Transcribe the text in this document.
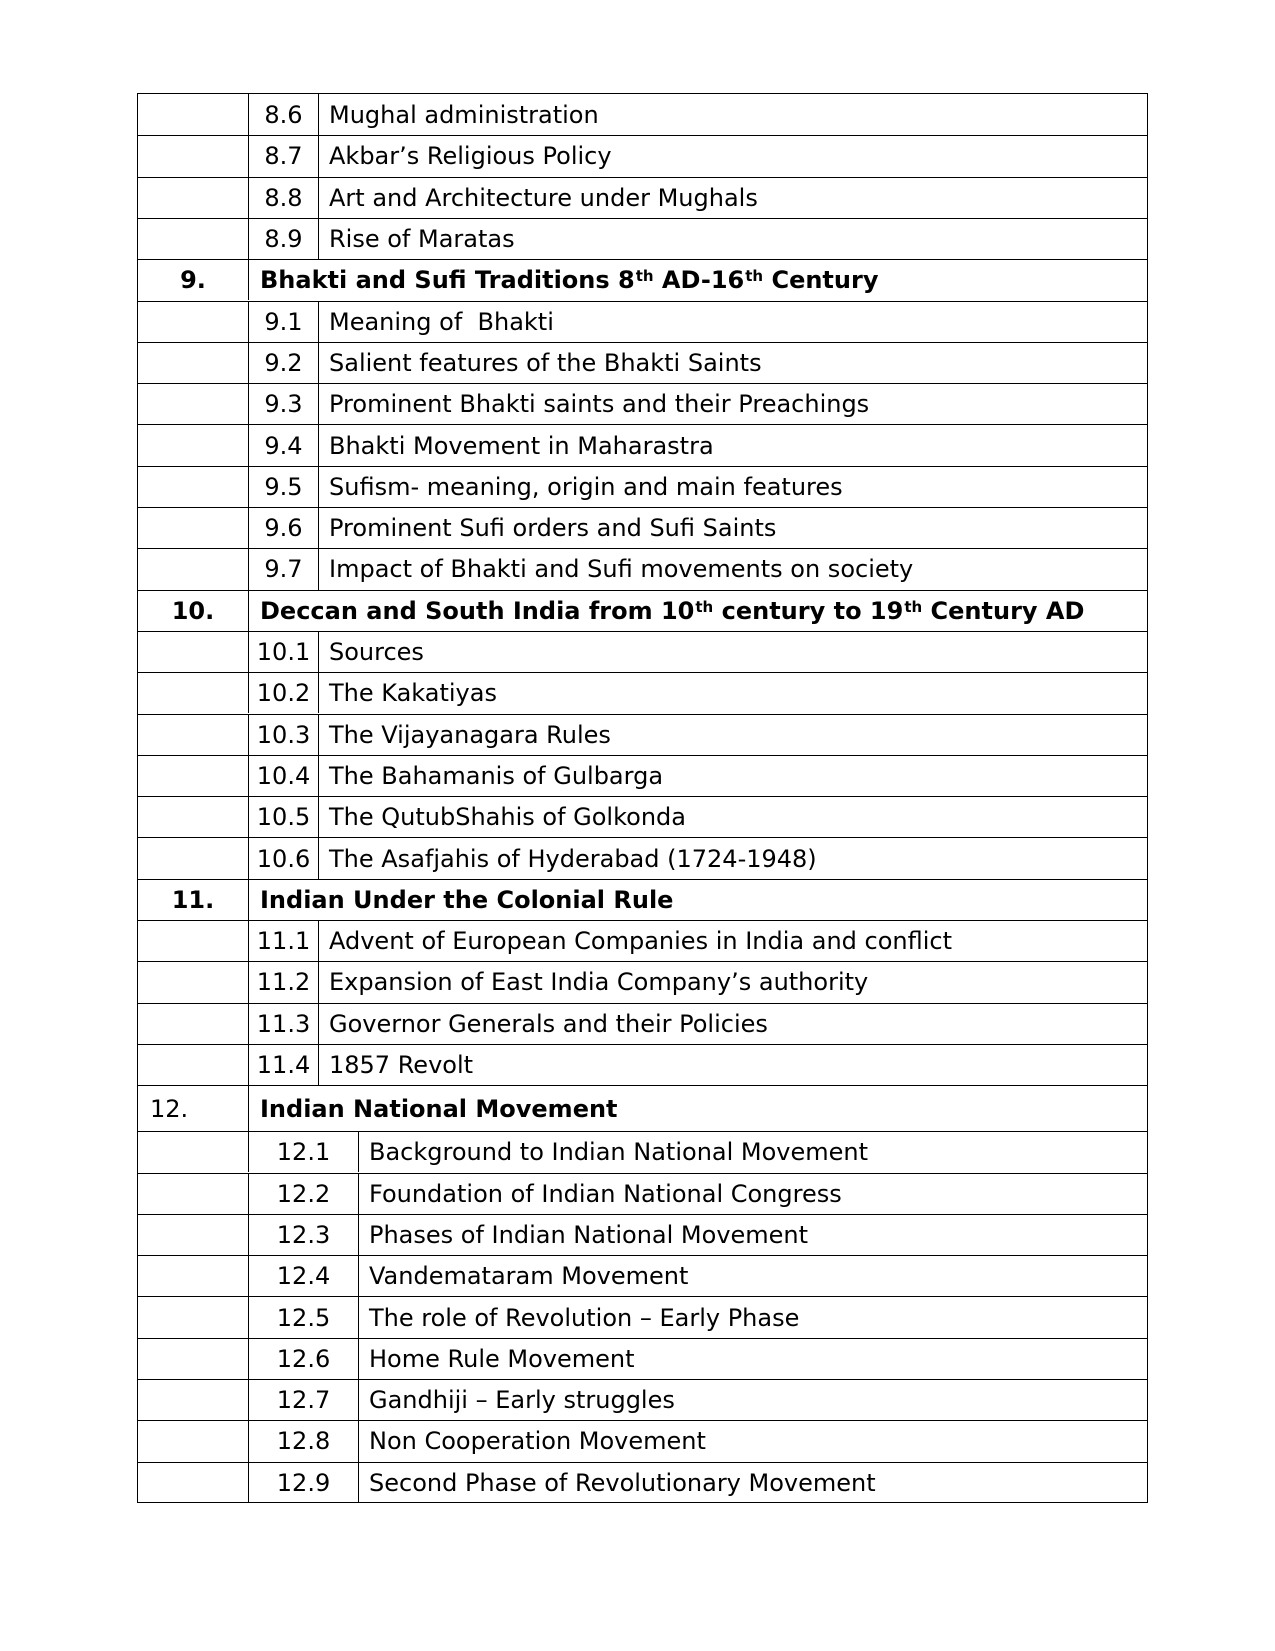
8.6	Mughal administration
8.7	Akbar’s Religious Policy
8.8	Art and Architecture under Mughals
8.9	Rise of Maratas
9.	Bhakti and Sufi Traditions 8th AD-16th Century
9.1	Meaning of  Bhakti
9.2	Salient features of the Bhakti Saints
9.3	Prominent Bhakti saints and their Preachings
9.4	Bhakti Movement in Maharastra
9.5	Sufism- meaning, origin and main features
9.6	Prominent Sufi orders and Sufi Saints
9.7	Impact of Bhakti and Sufi movements on society
10.	Deccan and South India from 10th century to 19th Century AD
10.1 Sources
10.2 The Kakatiyas
10.3 The Vijayanagara Rules
10.4 The Bahamanis of Gulbarga
10.5 The QutubShahis of Golkonda
10.6 The Asafjahis of Hyderabad (1724-1948)
11.	Indian Under the Colonial Rule
11.1 Advent of European Companies in India and conflict
11.2 Expansion of East India Company’s authority
11.3 Governor Generals and their Policies
11.4 1857 Revolt
12.	Indian National Movement
12.1	Background to Indian National Movement
12.2	Foundation of Indian National Congress
12.3	Phases of Indian National Movement
12.4	Vandemataram Movement
12.5	The role of Revolution – Early Phase
12.6	Home Rule Movement
12.7	Gandhiji – Early struggles
12.8	Non Cooperation Movement
12.9	Second Phase of Revolutionary Movement
